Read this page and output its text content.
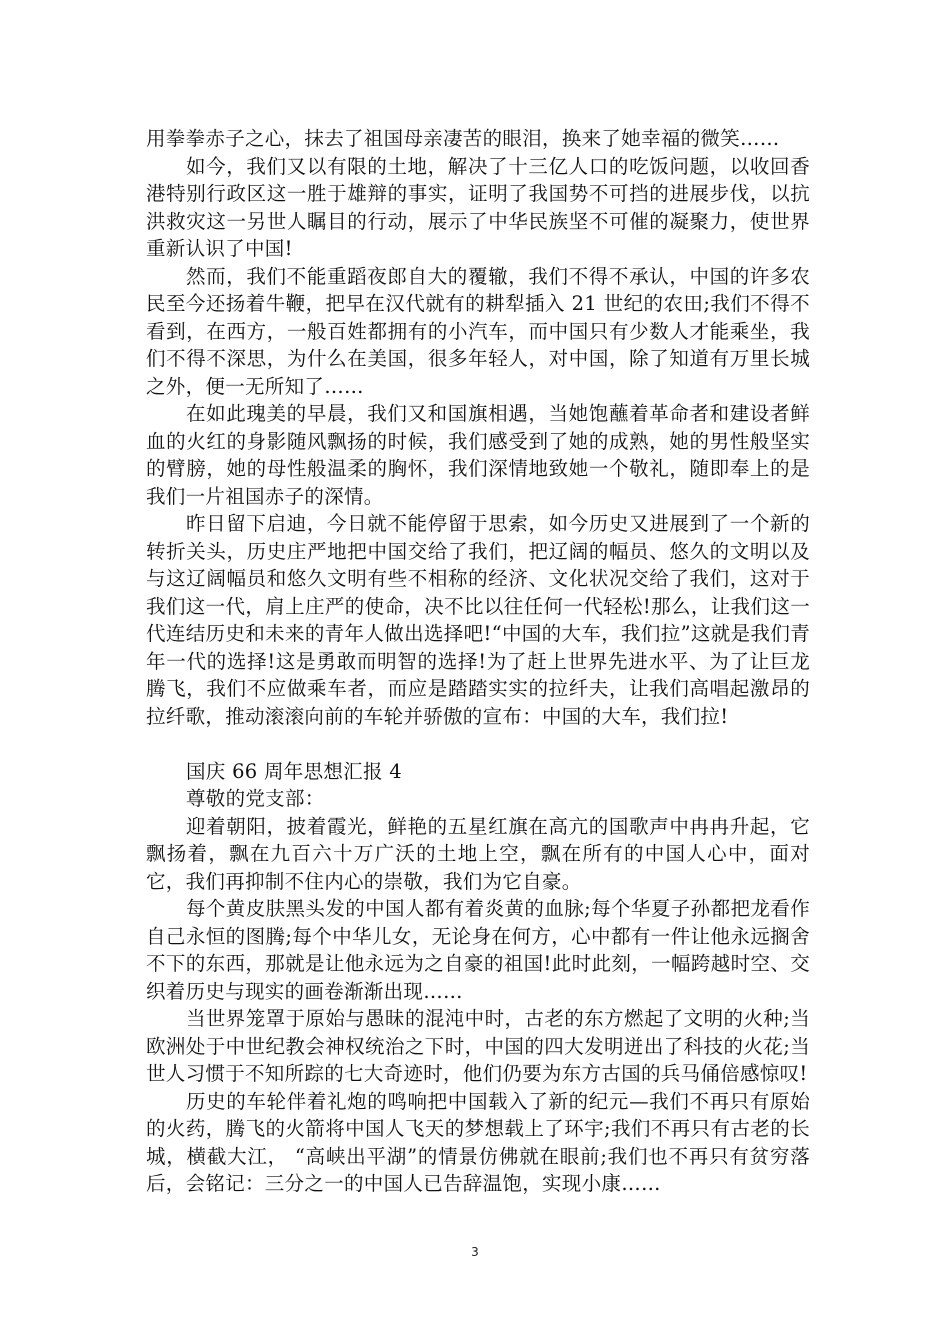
用拳拳赤子之心，抹去了祖国母亲凄苦的眼泪，换来了她幸福的微笑……

如今，我们又以有限的土地，解决了十三亿人口的吃饭问题，以收回香港特别行政区这一胜于雄辩的事实，证明了我国势不可挡的进展步伐，以抗洪救灾这一另世人瞩目的行动，展示了中华民族坚不可催的凝聚力，使世界重新认识了中国!

然而，我们不能重蹈夜郎自大的覆辙，我们不得不承认，中国的许多农民至今还扬着牛鞭，把早在汉代就有的耕犁插入 21 世纪的农田;我们不得不看到，在西方，一般百姓都拥有的小汽车，而中国只有少数人才能乘坐，我们不得不深思，为什么在美国，很多年轻人，对中国，除了知道有万里长城之外，便一无所知了……

在如此瑰美的早晨，我们又和国旗相遇，当她饱蘸着革命者和建设者鲜血的火红的身影随风飘扬的时候，我们感受到了她的成熟，她的男性般坚实的臂膀，她的母性般温柔的胸怀，我们深情地致她一个敬礼，随即奉上的是我们一片祖国赤子的深情。

昨日留下启迪，今日就不能停留于思索，如今历史又进展到了一个新的转折关头，历史庄严地把中国交给了我们，把辽阔的幅员、悠久的文明以及与这辽阔幅员和悠久文明有些不相称的经济、文化状况交给了我们，这对于我们这一代，肩上庄严的使命，决不比以往任何一代轻松!那么，让我们这一代连结历史和未来的青年人做出选择吧!“中国的大车，我们拉”这就是我们青年一代的选择!这是勇敢而明智的选择!为了赶上世界先进水平、为了让巨龙腾飞，我们不应做乘车者，而应是踏踏实实的拉纤夫，让我们高唱起激昂的拉纤歌，推动滚滚向前的车轮并骄傲的宣布：中国的大车，我们拉!

国庆 66 周年思想汇报 4

尊敬的党支部：

迎着朝阳，披着霞光，鲜艳的五星红旗在高亢的国歌声中冉冉升起，它飘扬着，飘在九百六十万广沃的土地上空，飘在所有的中国人心中，面对它，我们再抑制不住内心的崇敬，我们为它自豪。

每个黄皮肤黑头发的中国人都有着炎黄的血脉;每个华夏子孙都把龙看作自己永恒的图腾;每个中华儿女，无论身在何方，心中都有一件让他永远搁舍不下的东西，那就是让他永远为之自豪的祖国!此时此刻，一幅跨越时空、交织着历史与现实的画卷渐渐出现……

当世界笼罩于原始与愚昧的混沌中时，古老的东方燃起了文明的火种;当欧洲处于中世纪教会神权统治之下时，中国的四大发明迸出了科技的火花;当世人习惯于不知所踪的七大奇迹时，他们仍要为东方古国的兵马俑倍感惊叹!

历史的车轮伴着礼炮的鸣响把中国载入了新的纪元—我们不再只有原始的火药，腾飞的火箭将中国人飞天的梦想载上了环宇;我们不再只有古老的长城，横截大江， “高峡出平湖”的情景仿佛就在眼前;我们也不再只有贫穷落后，会铭记：三分之一的中国人已告辞温饱，实现小康……

3
